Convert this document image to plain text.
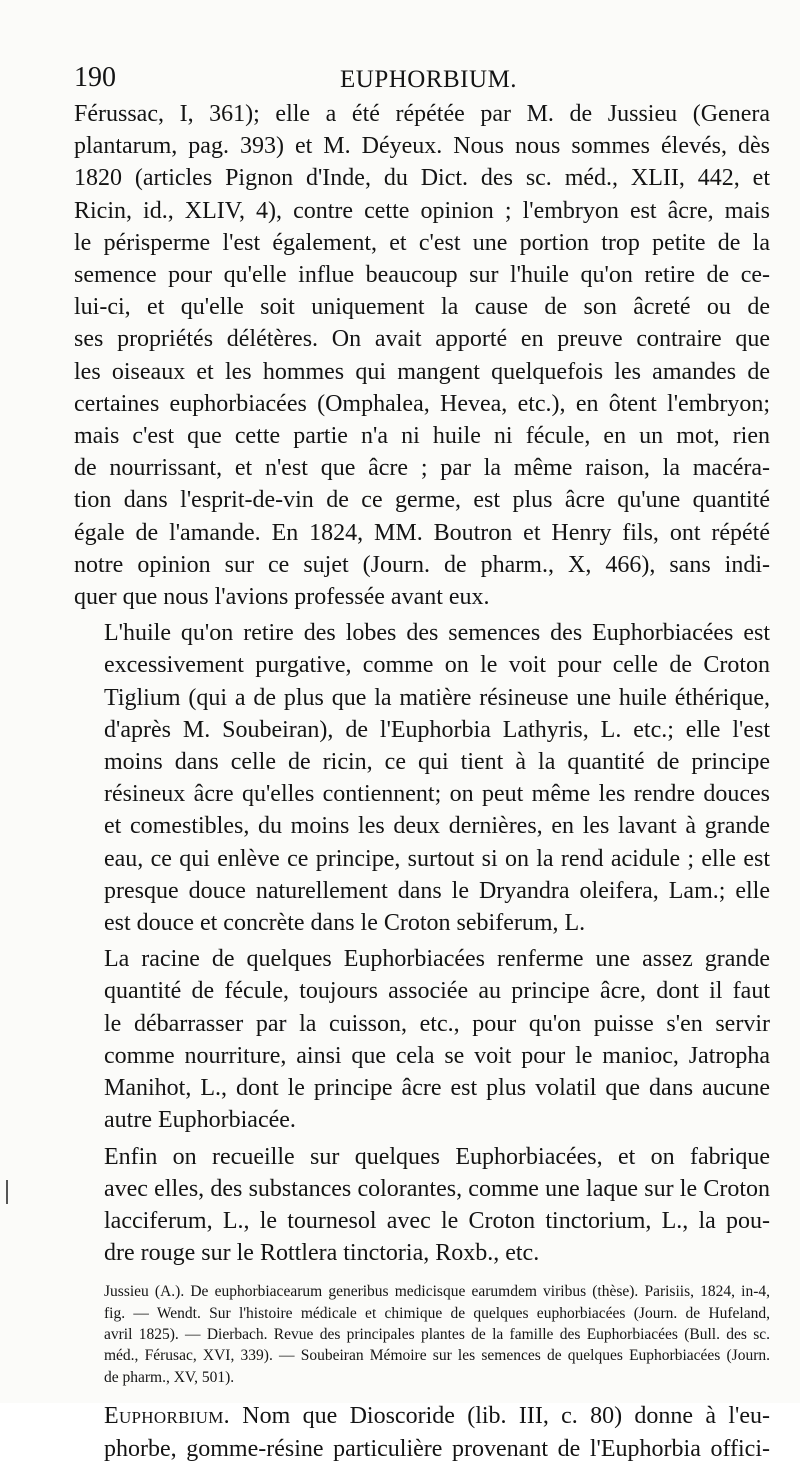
190	EUPHORBIUM.

Férussac, I, 361); elle a été répétée par M. de Jussieu (Genera
plantarum, pag. 393) et M. Déyeux. Nous nous sommes élevés, dès
1820 (articles Pignon d'Inde, du Dict. des sc. méd., XLII, 442, et
Ricin, id., XLIV, 4), contre cette opinion ; l'embryon est âcre, mais
le périsperme l'est également, et c'est une portion trop petite de la
semence pour qu'elle influe beaucoup sur l'huile qu'on retire de ce-
lui-ci, et qu'elle soit uniquement la cause de son âcreté ou de
ses propriétés délétères. On avait apporté en preuve contraire que
les oiseaux et les hommes qui mangent quelquefois les amandes de
certaines euphorbiacées (Omphalea, Hevea, etc.), en ôtent l'embryon;
mais c'est que cette partie n'a ni huile ni fécule, en un mot, rien
de nourrissant, et n'est que âcre ; par la même raison, la macéra-
tion dans l'esprit-de-vin de ce germe, est plus âcre qu'une quantité
égale de l'amande. En 1824, MM. Boutron et Henry fils, ont répété
notre opinion sur ce sujet (Journ. de pharm., X, 466), sans indi-
quer que nous l'avions professée avant eux.

L'huile qu'on retire des lobes des semences des Euphorbiacées est
excessivement purgative, comme on le voit pour celle de Croton
Tiglium (qui a de plus que la matière résineuse une huile éthérique,
d'après M. Soubeiran), de l'Euphorbia Lathyris, L. etc.; elle l'est
moins dans celle de ricin, ce qui tient à la quantité de principe
résineux âcre qu'elles contiennent; on peut même les rendre douces
et comestibles, du moins les deux dernières, en les lavant à grande
eau, ce qui enlève ce principe, surtout si on la rend acidule ; elle est
presque douce naturellement dans le Dryandra oleifera, Lam.; elle
est douce et concrète dans le Croton sebiferum, L.

La racine de quelques Euphorbiacées renferme une assez grande
quantité de fécule, toujours associée au principe âcre, dont il faut
le débarrasser par la cuisson, etc., pour qu'on puisse s'en servir
comme nourriture, ainsi que cela se voit pour le manioc, Jatropha
Manihot, L., dont le principe âcre est plus volatil que dans aucune
autre Euphorbiacée.

Enfin on recueille sur quelques Euphorbiacées, et on fabrique
avec elles, des substances colorantes, comme une laque sur le Croton
lacciferum, L., le tournesol avec le Croton tinctorium, L., la pou-
dre rouge sur le Rottlera tinctoria, Roxb., etc.

Jussieu (A.). De euphorbiacearum generibus medicisque earumdem viribus (thèse). Parisiis, 1824, in-4,
fig. — Wendt. Sur l'histoire médicale et chimique de quelques euphorbiacées (Journ. de Hufeland,
avril 1825). — Dierbach. Revue des principales plantes de la famille des Euphorbiacées (Bull. des sc.
méd., Férusac, XVI, 339). — Soubeiran Mémoire sur les semences de quelques Euphorbiacées (Journ.
de pharm., XV, 501).

Euphorbium. Nom que Dioscoride (lib. III, c. 80) donne à l'eu-
phorbe, gomme-résine particulière provenant de l'Euphorbia offici-
